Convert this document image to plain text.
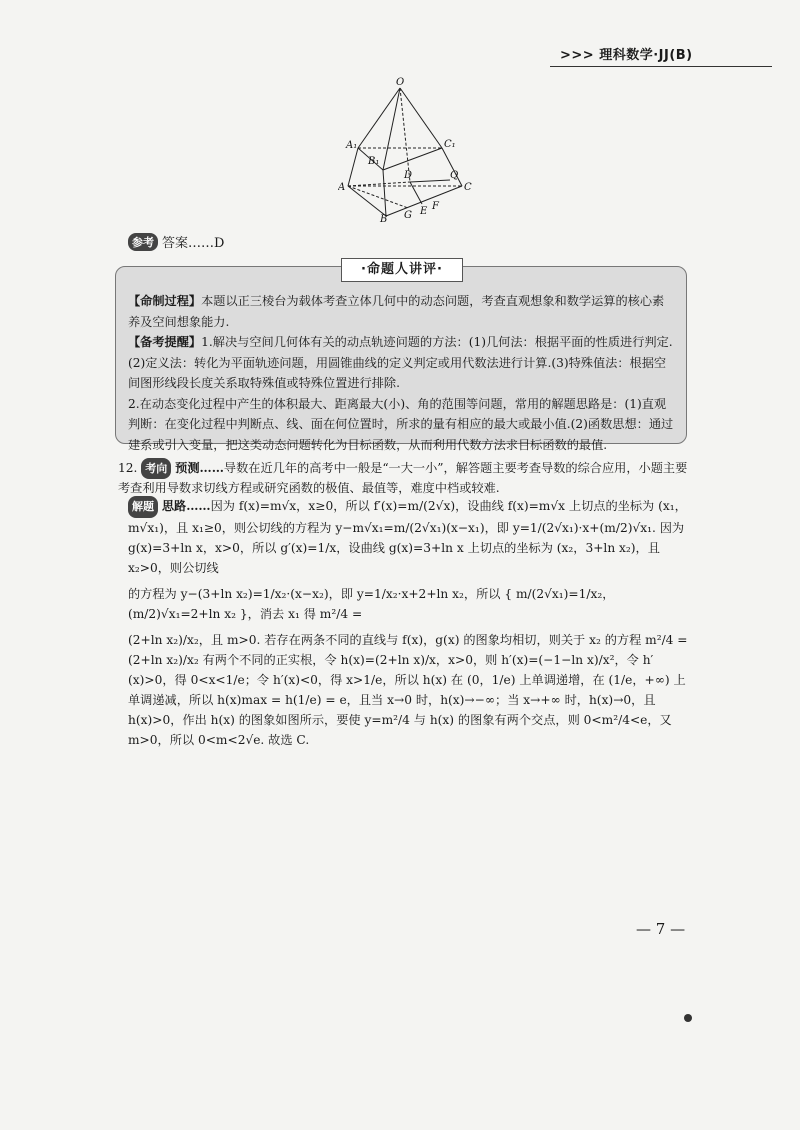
>>> 理科数学·JJ(B)
O
A₁
B₁
C₁
A
B
C
D
E F
G
Q
参考 答案……D
·命题人讲评·

【命制过程】本题以正三棱台为载体考查立体几何中的动态问题，考查直观想象和数学运算的核心素养及空间想象能力.

【备考提醒】1.解决与空间几何体有关的动点轨迹问题的方法：(1)几何法：根据平面的性质进行判定.(2)定义法：转化为平面轨迹问题，用圆锥曲线的定义判定或用代数法进行计算.(3)特殊值法：根据空间图形线段长度关系取特殊值或特殊位置进行排除.

2.在动态变化过程中产生的体积最大、距离最大(小)、角的范围等问题，常用的解题思路是：(1)直观判断：在变化过程中判断点、线、面在何位置时，所求的量有相应的最大或最小值.(2)函数思想：通过建系或引入变量，把这类动态问题转化为目标函数，从而利用代数方法求目标函数的最值.

12. 考向 预测……导数在近几年的高考中一般是“一大一小”，解答题主要考查导数的综合应用，小题主要考查利用导数求切线方程或研究函数的极值、最值等，难度中档或较难.

解题 思路……因为 f(x)=m√x，x≥0，所以 f′(x)=m/(2√x)，设曲线 f(x)=m√x 上切点的坐标为 (x₁，m√x₁)，且 x₁≥0，则公切线的方程为 y−m√x₁=m/(2√x₁)(x−x₁)，即 y=1/(2√x₁)·x+(m/2)√x₁. 因为 g(x)=3+ln x，x>0，所以 g′(x)=1/x，设曲线 g(x)=3+ln x 上切点的坐标为 (x₂，3+ln x₂)，且 x₂>0，则公切线

的方程为 y−(3+ln x₂)=1/x₂·(x−x₂)，即 y=1/x₂·x+2+ln x₂，所以 { m/(2√x₁)=1/x₂，(m/2)√x₁=2+ln x₂ }，消去 x₁ 得 m²/4 =

(2+ln x₂)/x₂，且 m>0. 若存在两条不同的直线与 f(x)，g(x) 的图象均相切，则关于 x₂ 的方程 m²/4 = (2+ln x₂)/x₂ 有两个不同的正实根，令 h(x)=(2+ln x)/x，x>0，则 h′(x)=(−1−ln x)/x²，令 h′(x)>0，得 0<x<1/e；令 h′(x)<0，得 x>1/e，所以 h(x) 在 (0，1/e) 上单调递增，在 (1/e，+∞) 上单调递减，所以 h(x)max = h(1/e) = e，且当 x→0 时，h(x)→−∞；当 x→+∞ 时，h(x)→0，且 h(x)>0，作出 h(x) 的图象如图所示，要使 y=m²/4 与 h(x) 的图象有两个交点，则 0<m²/4<e，又 m>0，所以 0<m<2√e. 故选 C.

— 7 —
